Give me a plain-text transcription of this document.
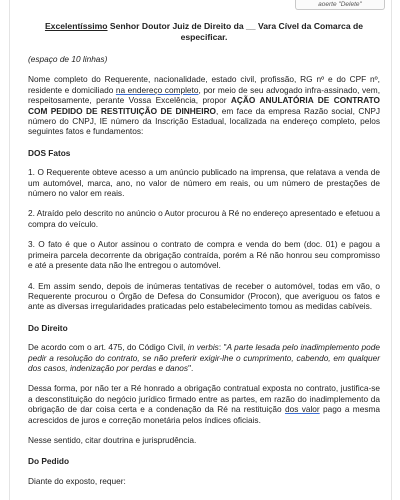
aoerte "Delete"
Excelentíssimo Senhor Doutor Juiz de Direito da __ Vara Cível da Comarca de especificar.

(espaço de 10 linhas)

Nome completo do Requerente, nacionalidade, estado civil, profissão, RG nº e do CPF nº, residente e domiciliado na endereço completo, por meio de seu advogado infra-assinado, vem, respeitosamente, perante Vossa Excelência, propor AÇÃO ANULATÓRIA DE CONTRATO COM PEDIDO DE RESTITUIÇÃO DE DINHEIRO, em face da empresa Razão social, CNPJ número do CNPJ, IE número da Inscrição Estadual, localizada na endereço completo, pelos seguintes fatos e fundamentos:

DOS Fatos

1. O Requerente obteve acesso a um anúncio publicado na imprensa, que relatava a venda de um automóvel, marca, ano, no valor de número em reais, ou um número de prestações de número no valor em reais.

2. Atraído pelo descrito no anúncio o Autor procurou à Ré no endereço apresentado e efetuou a compra do veículo.

3. O fato é que o Autor assinou o contrato de compra e venda do bem (doc. 01) e pagou a primeira parcela decorrente da obrigação contraída, porém a Ré não honrou seu compromisso e até a presente data não lhe entregou o automóvel.

4. Em assim sendo, depois de inúmeras tentativas de receber o automóvel, todas em vão, o Requerente procurou o Órgão de Defesa do Consumidor (Procon), que averiguou os fatos e ante as diversas irregularidades praticadas pelo estabelecimento tomou as medidas cabíveis.

Do Direito

De acordo com o art. 475, do Código Civil, in verbis: "A parte lesada pelo inadimplemento pode pedir a resolução do contrato, se não preferir exigir-lhe o cumprimento, cabendo, em qualquer dos casos, indenização por perdas e danos".

Dessa forma, por não ter a Ré honrado a obrigação contratual exposta no contrato, justifica-se a desconstituição do negócio jurídico firmado entre as partes, em razão do inadimplemento da obrigação de dar coisa certa e a condenação da Ré na restituição dos valor pago a mesma acrescidos de juros e correção monetária pelos índices oficiais.

Nesse sentido, citar doutrina e jurisprudência.

Do Pedido

Diante do exposto, requer:
